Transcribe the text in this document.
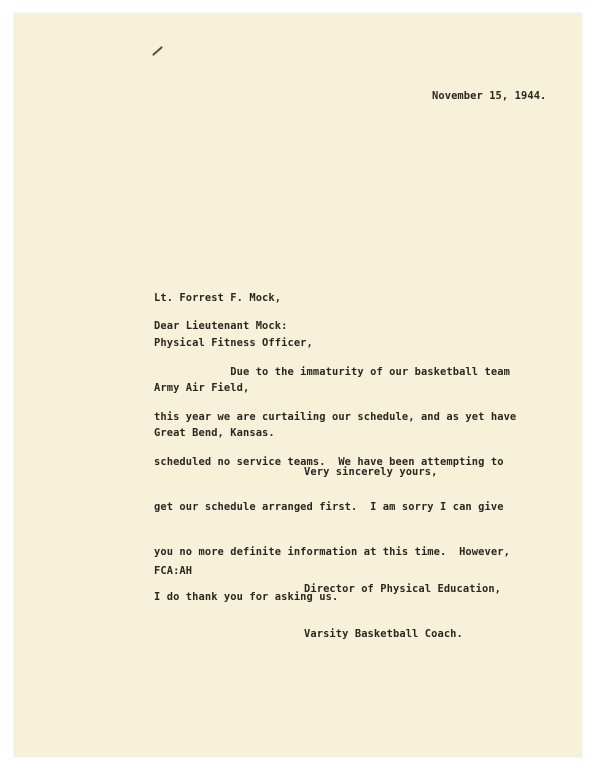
November 15, 1944.

Lt. Forrest F. Mock,

Physical Fitness Officer,

Army Air Field,

Great Bend, Kansas.

Dear Lieutenant Mock:

Due to the immaturity of our basketball team

this year we are curtailing our schedule, and as yet have

scheduled no service teams.  We have been attempting to

get our schedule arranged first.  I am sorry I can give

you no more definite information at this time.  However,

I do thank you for asking us.

Very sincerely yours,

Director of Physical Education,

Varsity Basketball Coach.

FCA:AH
